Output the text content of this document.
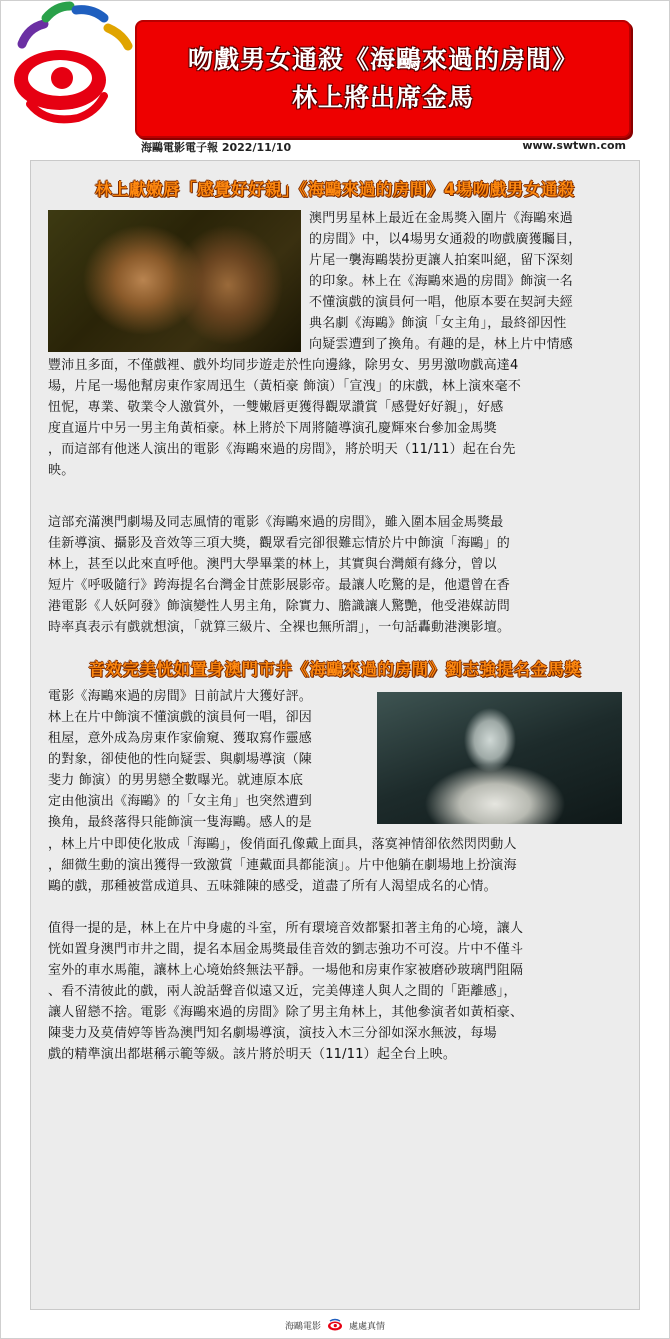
吻戲男女通殺《海鷗來過的房間》
林上將出席金馬
海鷗電影電子報 2022/11/10	www.swtwn.com
林上獻嫩唇「感覺好好親」《海鷗來過的房間》4場吻戲男女通殺
澳門男星林上最近在金馬獎入圍片《海鷗來過
的房間》中，以4場男女通殺的吻戲廣獲矚目，
片尾一襲海鷗裝扮更讓人拍案叫絕，留下深刻
的印象。林上在《海鷗來過的房間》飾演一名
不懂演戲的演員何一唱，他原本要在契訶夫經
典名劇《海鷗》飾演「女主角」，最終卻因性
向疑雲遭到了換角。有趣的是，林上片中情感
豐沛且多面，不僅戲裡、戲外均同步遊走於性向邊緣，除男女、男男激吻戲高達4
場，片尾一場他幫房東作家周迅生（黃栢豪 飾演）「宣洩」的床戲，林上演來毫不
忸怩，專業、敬業令人激賞外，一雙嫩唇更獲得觀眾讚賞「感覺好好親」，好感
度直逼片中另一男主角黃栢豪。林上將於下周將隨導演孔慶輝來台參加金馬獎
，而這部有他迷人演出的電影《海鷗來過的房間》，將於明天（11/11）起在台先
映。
這部充滿澳門劇場及同志風情的電影《海鷗來過的房間》，雖入圍本屆金馬獎最
佳新導演、攝影及音效等三項大獎，觀眾看完卻很難忘情於片中飾演「海鷗」的
林上，甚至以此來直呼他。澳門大學畢業的林上，其實與台灣頗有緣分，曾以
短片《呼吸隨行》跨海提名台灣金甘蔗影展影帝。最讓人吃驚的是，他還曾在香
港電影《人妖阿發》飾演變性人男主角，除實力、膽識讓人驚艷，他受港媒訪問
時率真表示有戲就想演，「就算三級片、全裸也無所謂」，一句話轟動港澳影壇。
音效完美恍如置身澳門市井《海鷗來過的房間》劉志強提名金馬獎
電影《海鷗來過的房間》日前試片大獲好評。
林上在片中飾演不懂演戲的演員何一唱，卻因
租屋，意外成為房東作家偷窺、獲取寫作靈感
的對象，卻使他的性向疑雲、與劇場導演（陳
斐力 飾演）的男男戀全數曝光。就連原本底
定由他演出《海鷗》的「女主角」也突然遭到
換角，最終落得只能飾演一隻海鷗。感人的是
，林上片中即使化妝成「海鷗」，俊俏面孔像戴上面具，落寞神情卻依然閃閃動人
，細微生動的演出獲得一致激賞「連戴面具都能演」。片中他躺在劇場地上扮演海
鷗的戲，那種被當成道具、五味雜陳的感受，道盡了所有人渴望成名的心情。
值得一提的是，林上在片中身處的斗室，所有環境音效都緊扣著主角的心境，讓人
恍如置身澳門市井之間，提名本屆金馬獎最佳音效的劉志強功不可沒。片中不僅斗
室外的車水馬龍，讓林上心境始終無法平靜。一場他和房東作家被磨砂玻璃門阻隔
、看不清彼此的戲，兩人說話聲音似遠又近，完美傳達人與人之間的「距離感」，
讓人留戀不捨。電影《海鷗來過的房間》除了男主角林上，其他參演者如黃栢豪、
陳斐力及莫倩婷等皆為澳門知名劇場導演，演技入木三分卻如深水無波，每場
戲的精準演出都堪稱示範等級。該片將於明天（11/11）起全台上映。
海鷗電影	處處真情
